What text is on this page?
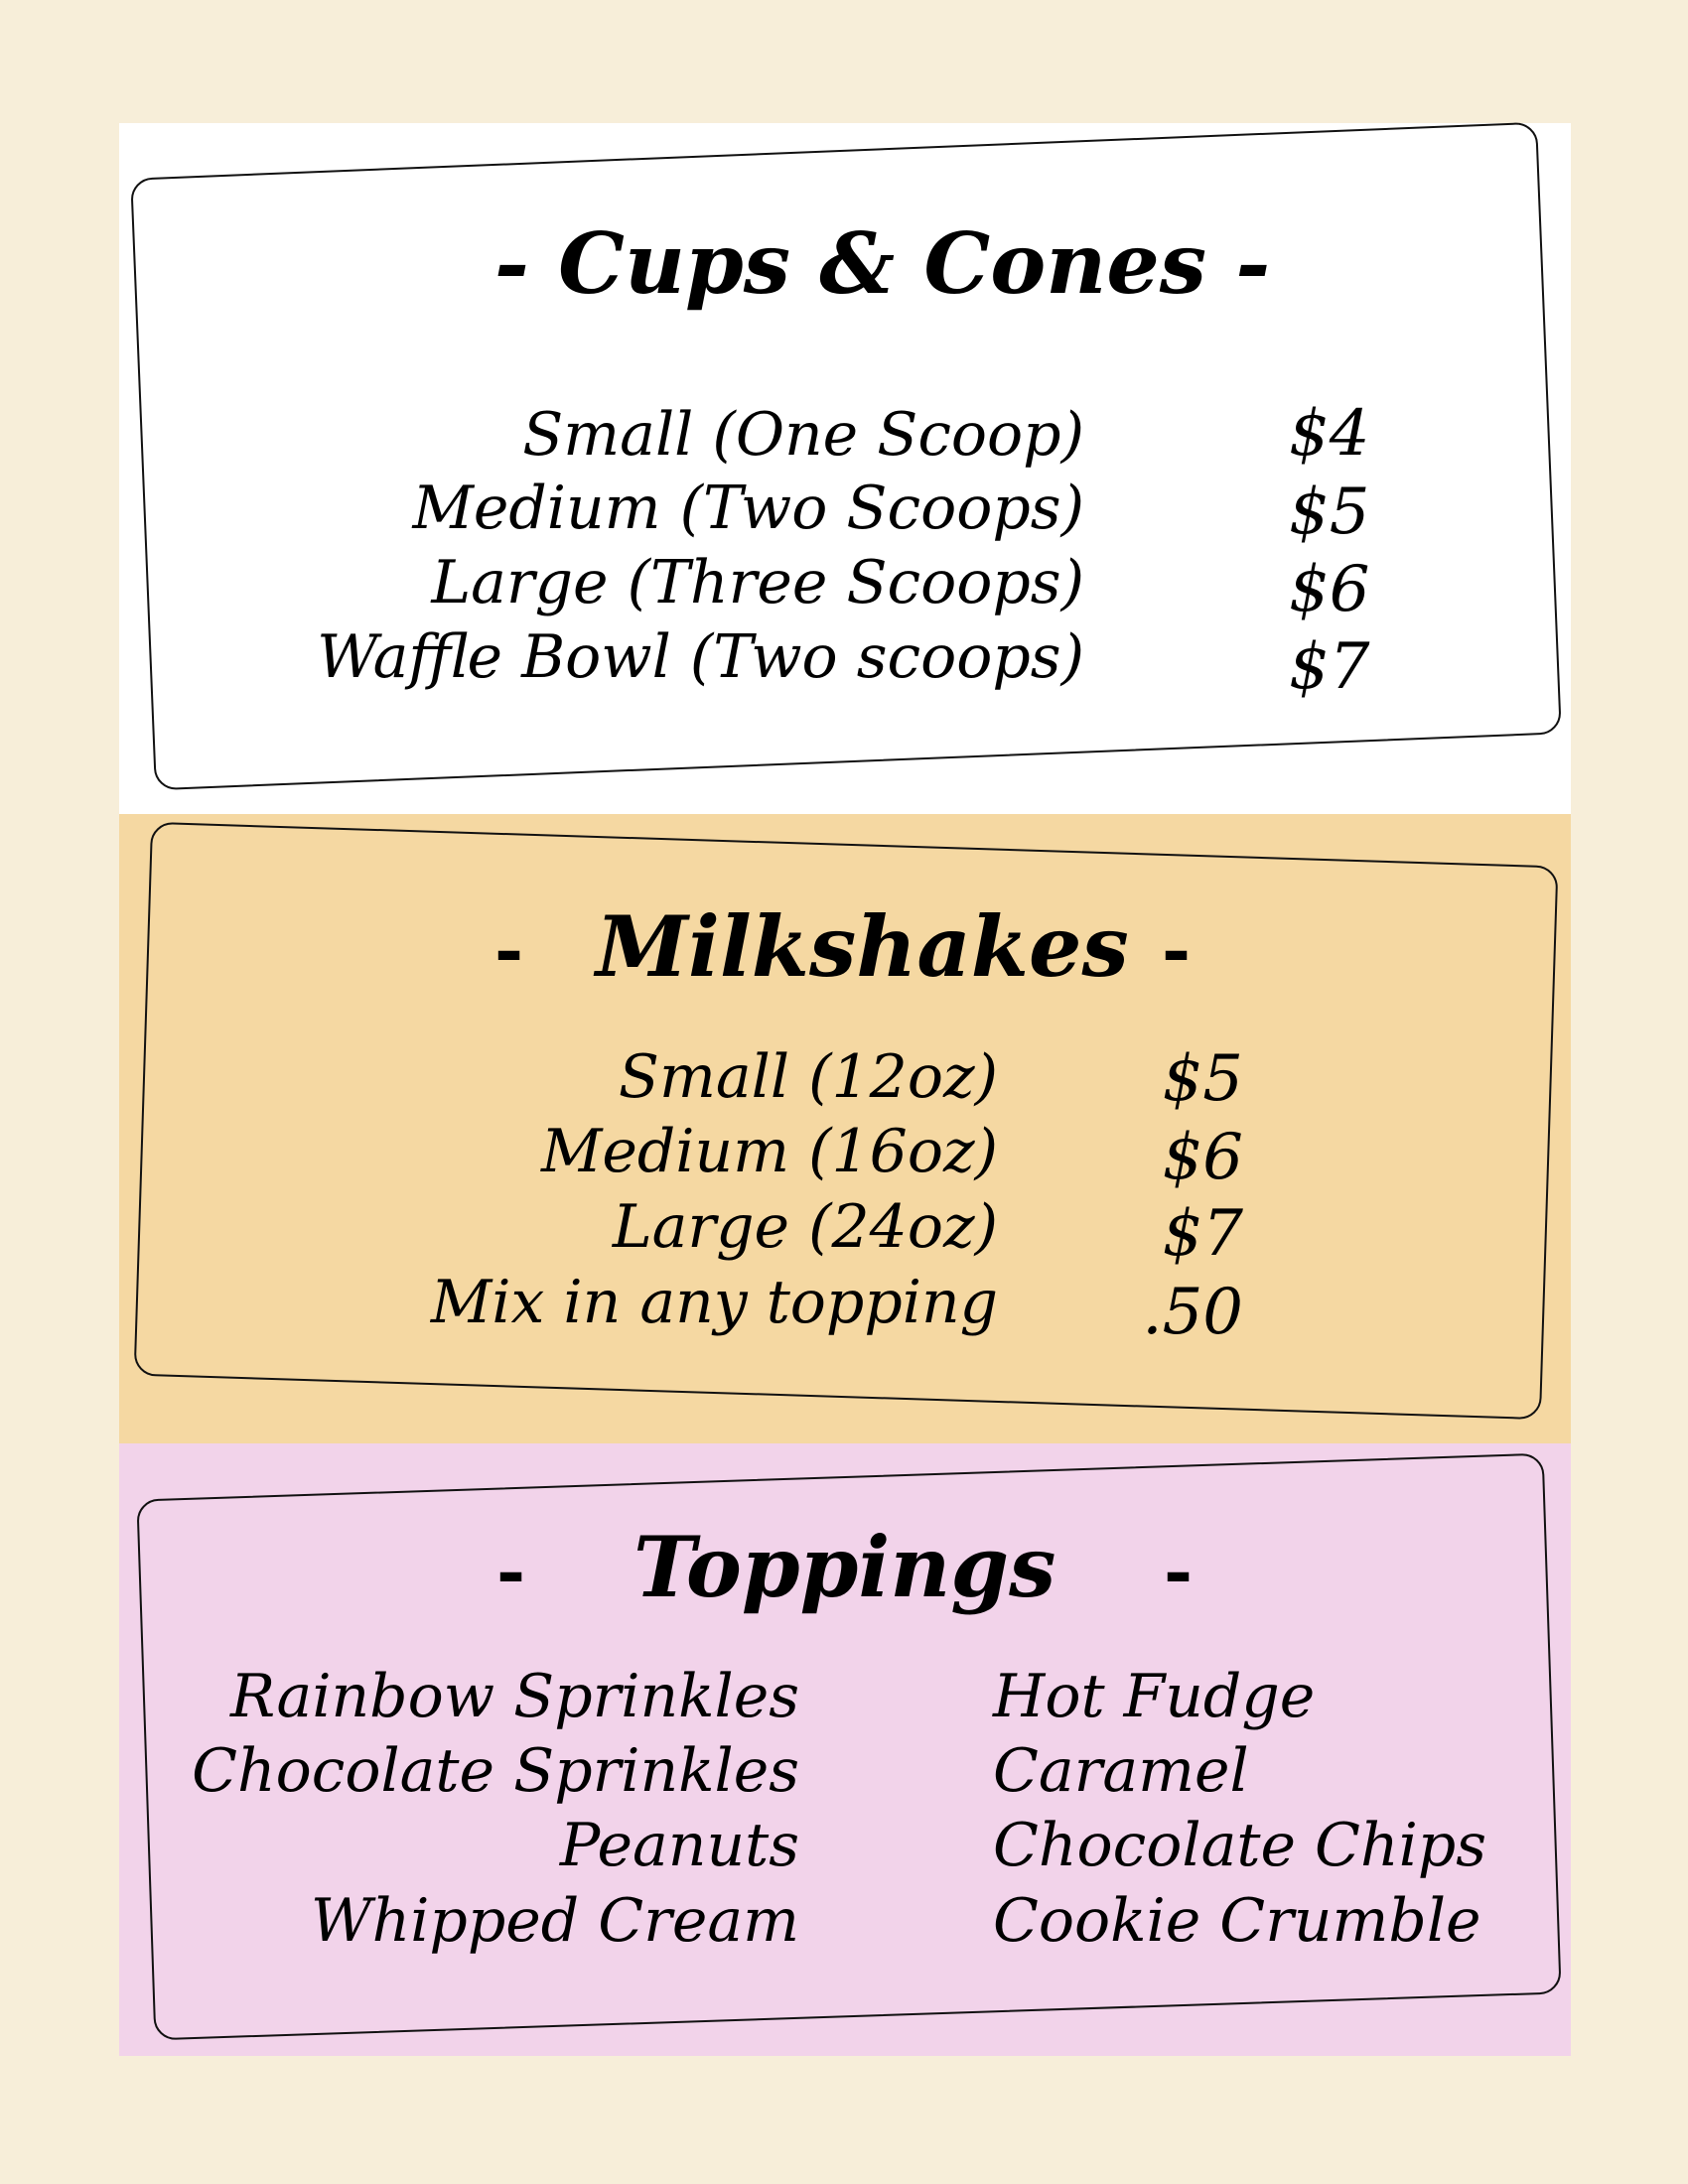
- Cups & Cones -
Small (One Scoop)
Medium (Two Scoops)
Large (Three Scoops)
Waffle Bowl (Two scoops)
$4
$5
$6
$7
- Milkshakes -
Small (12oz)
Medium (16oz)
Large (24oz)
Mix in any topping
$5
$6
$7
.50
- Toppings -
Rainbow Sprinkles
Chocolate Sprinkles
Peanuts
Whipped Cream
Hot Fudge
Caramel
Chocolate Chips
Cookie Crumble
